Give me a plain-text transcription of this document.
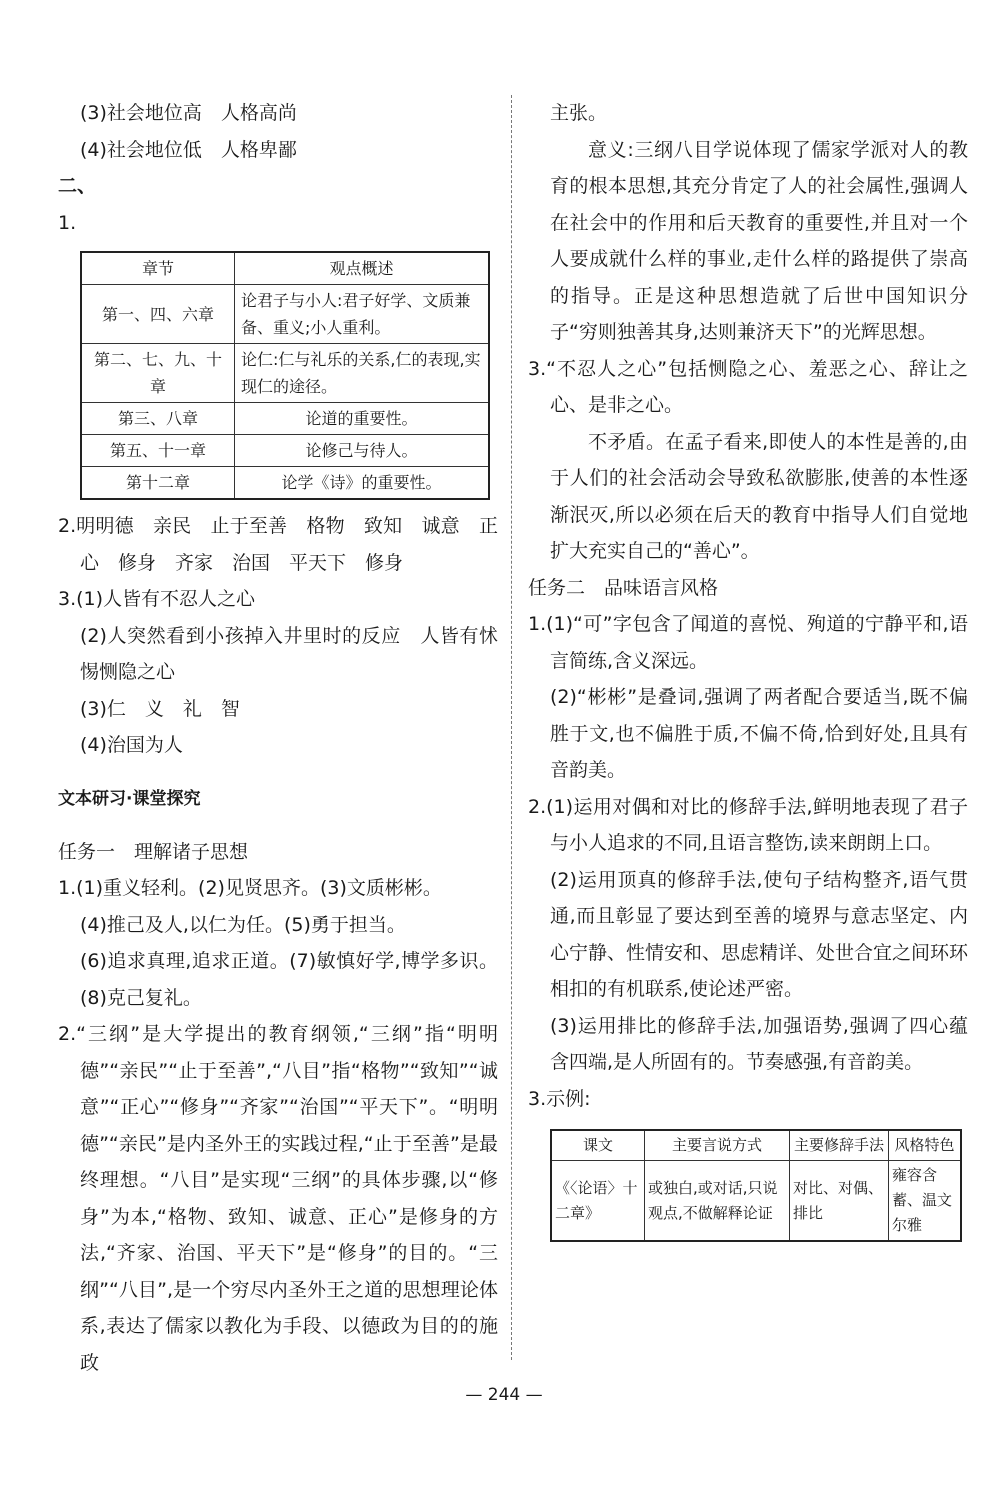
(3)社会地位高　人格高尚

(4)社会地位低　人格卑鄙

二、

1.

章节	观点概述
第一、四、六章	论君子与小人:君子好学、文质兼备、重义;小人重利。
第二、七、九、十章	论仁:仁与礼乐的关系,仁的表现,实现仁的途径。
第三、八章	论道的重要性。
第五、十一章	论修己与待人。
第十二章	论学《诗》的重要性。

2.明明德　亲民　止于至善　格物　致知　诚意　正心　修身　齐家　治国　平天下　修身

3.(1)人皆有不忍人之心

(2)人突然看到小孩掉入井里时的反应　人皆有怵惕恻隐之心

(3)仁　义　礼　智

(4)治国为人

文本研习·课堂探究

任务一　理解诸子思想

1.(1)重义轻利。(2)见贤思齐。(3)文质彬彬。

(4)推己及人,以仁为任。(5)勇于担当。

(6)追求真理,追求正道。(7)敏慎好学,博学多识。(8)克己复礼。

2.“三纲”是大学提出的教育纲领,“三纲”指“明明德”“亲民”“止于至善”,“八目”指“格物”“致知”“诚意”“正心”“修身”“齐家”“治国”“平天下”。“明明德”“亲民”是内圣外王的实践过程,“止于至善”是最终理想。“八目”是实现“三纲”的具体步骤,以“修身”为本,“格物、致知、诚意、正心”是修身的方法,“齐家、治国、平天下”是“修身”的目的。“三纲”“八目”,是一个穷尽内圣外王之道的思想理论体系,表达了儒家以教化为手段、以德政为目的的施政

主张。

意义:三纲八目学说体现了儒家学派对人的教育的根本思想,其充分肯定了人的社会属性,强调人在社会中的作用和后天教育的重要性,并且对一个人要成就什么样的事业,走什么样的路提供了崇高的指导。正是这种思想造就了后世中国知识分子“穷则独善其身,达则兼济天下”的光辉思想。

3.“不忍人之心”包括恻隐之心、羞恶之心、辞让之心、是非之心。

不矛盾。在孟子看来,即使人的本性是善的,由于人们的社会活动会导致私欲膨胀,使善的本性逐渐泯灭,所以必须在后天的教育中指导人们自觉地扩大充实自己的“善心”。

任务二　品味语言风格

1.(1)“可”字包含了闻道的喜悦、殉道的宁静平和,语言简练,含义深远。

(2)“彬彬”是叠词,强调了两者配合要适当,既不偏胜于文,也不偏胜于质,不偏不倚,恰到好处,且具有音韵美。

2.(1)运用对偶和对比的修辞手法,鲜明地表现了君子与小人追求的不同,且语言整饬,读来朗朗上口。

(2)运用顶真的修辞手法,使句子结构整齐,语气贯通,而且彰显了要达到至善的境界与意志坚定、内心宁静、性情安和、思虑精详、处世合宜之间环环相扣的有机联系,使论述严密。

(3)运用排比的修辞手法,加强语势,强调了四心蕴含四端,是人所固有的。节奏感强,有音韵美。

3.示例:

课文	主要言说方式	主要修辞手法	风格特色
《〈论语〉十二章》	或独白,或对话,只说观点,不做解释论证	对比、对偶、排比	雍容含蓄、温文尔雅
— 244 —
